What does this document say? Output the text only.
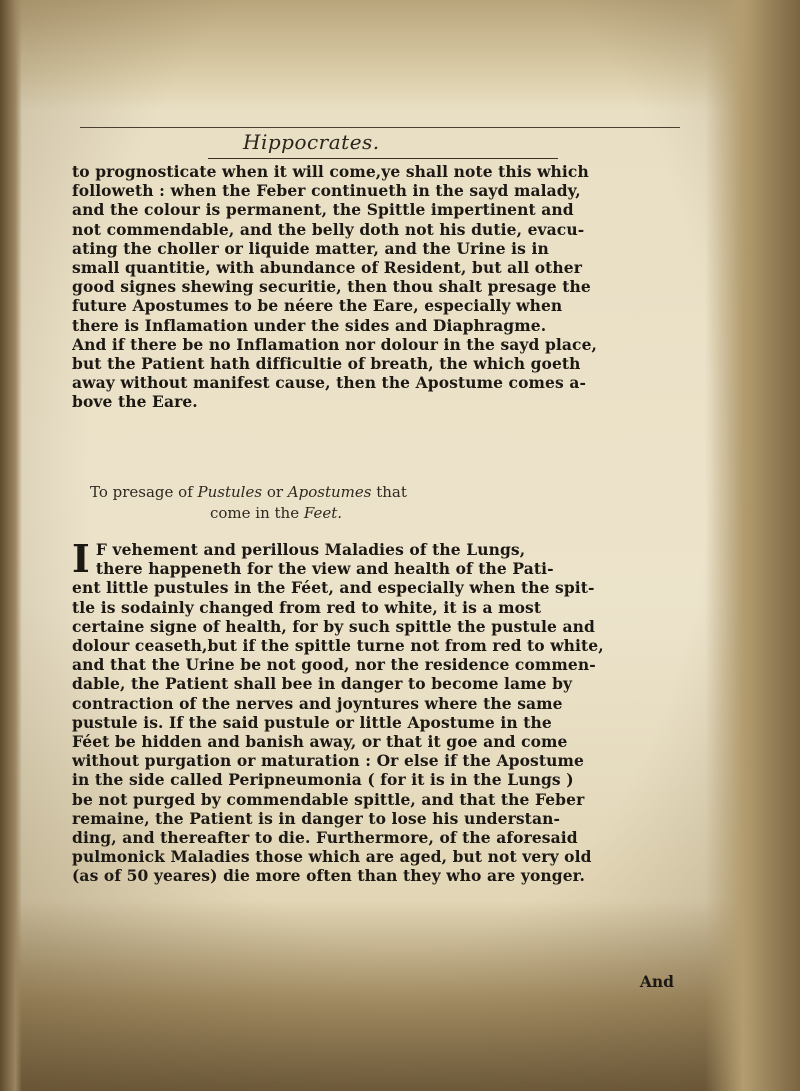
Hippocrates.
to prognosticate when it will come,ye shall note this which
followeth : when the Feber continueth in the sayd malady,
and the colour is permanent, the Spittle impertinent and
not commendable, and the belly doth not his dutie, evacu-
ating the choller or liquide matter, and the Urine is in
small quantitie, with abundance of Resident, but all other
good signes shewing securitie, then thou shalt presage the
future Apostumes to be néere the Eare, especially when
there is Inflamation under the sides and Diaphragme.
And if there be no Inflamation nor dolour in the sayd place,
but the Patient hath difficultie of breath, the which goeth
away without manifest cause, then the Apostume comes a-
bove the Eare.
To presage of Pustules or Apostumes that
come in the Feet.
I F vehement and perillous Maladies of the Lungs,
there happeneth for the view and health of the Pati-
ent little pustules in the Féet, and especially when the spit-
tle is sodainly changed from red to white, it is a most
certaine signe of health, for by such spittle the pustule and
dolour ceaseth,but if the spittle turne not from red to white,
and that the Urine be not good, nor the residence commen-
dable, the Patient shall bee in danger to become lame by
contraction of the nerves and joyntures where the same
pustule is. If the said pustule or little Apostume in the
Féet be hidden and banish away, or that it goe and come
without purgation or maturation : Or else if the Apostume
in the side called Peripneumonia ( for it is in the Lungs )
be not purged by commendable spittle, and that the Feber
remaine, the Patient is in danger to lose his understan-
ding, and thereafter to die. Furthermore, of the aforesaid
pulmonick Maladies those which are aged, but not very old
(as of 50 yeares) die more often than they who are yonger.
And
